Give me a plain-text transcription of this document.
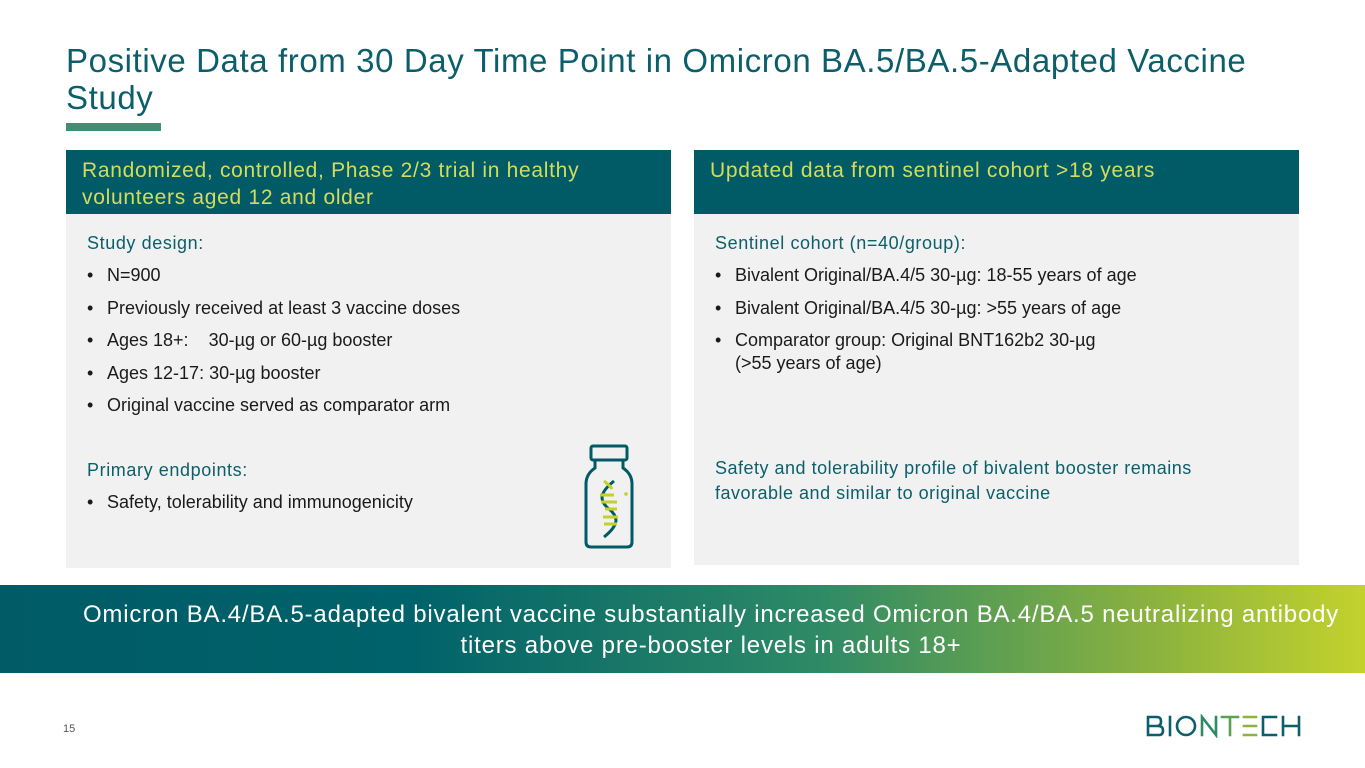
Positive Data from 30 Day Time Point in Omicron BA.5/BA.5-Adapted Vaccine Study
Randomized, controlled, Phase 2/3 trial in healthy volunteers aged 12 and older
Study design:
• N=900
• Previously received at least 3 vaccine doses
• Ages 18+:    30-µg or 60-µg booster
• Ages 12-17: 30-µg booster
• Original vaccine served as comparator arm
Primary endpoints:
• Safety, tolerability and immunogenicity
Updated data from sentinel cohort >18 years
Sentinel cohort (n=40/group):
• Bivalent Original/BA.4/5 30-µg: 18-55 years of age
• Bivalent Original/BA.4/5 30-µg: >55 years of age
• Comparator group: Original BNT162b2 30-µg
(>55 years of age)
Safety and tolerability profile of bivalent booster remains favorable and similar to original vaccine
Omicron BA.4/BA.5-adapted bivalent vaccine substantially increased Omicron BA.4/BA.5 neutralizing antibody titers above pre-booster levels in adults 18+
15
